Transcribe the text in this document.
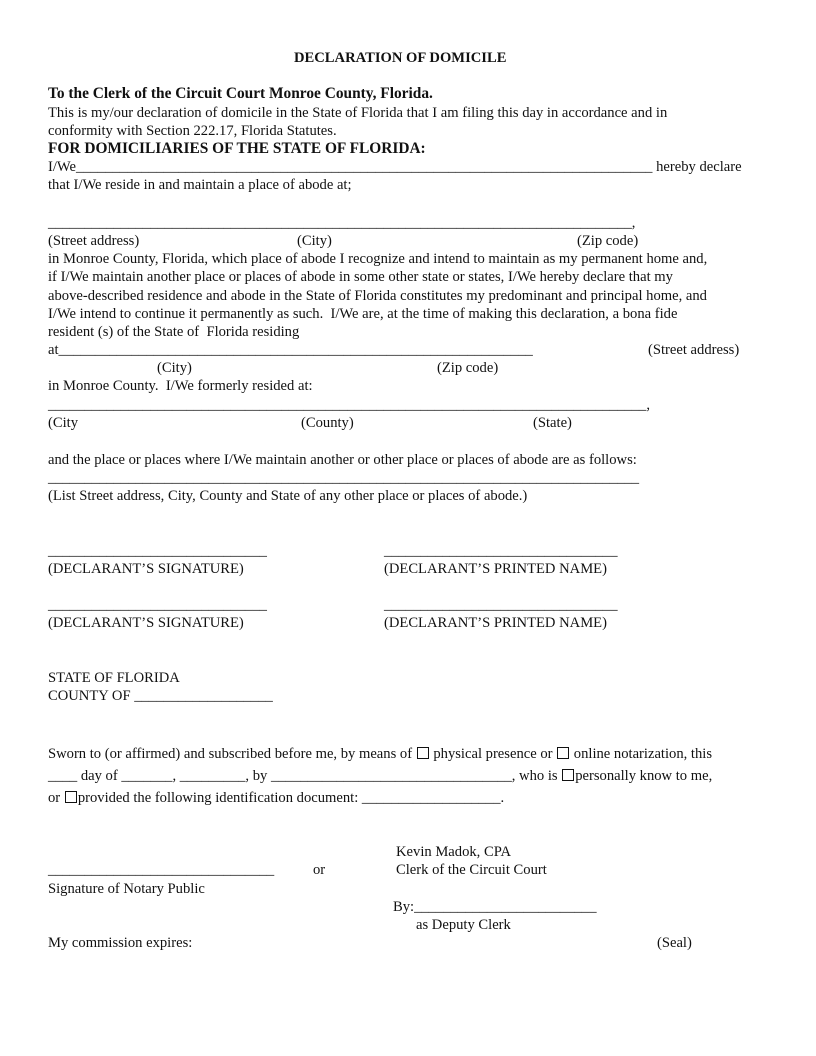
DECLARATION OF DOMICILE
To the Clerk of the Circuit Court Monroe County, Florida.
This is my/our declaration of domicile in the State of Florida that I am filing this day in accordance and in
conformity with Section 222.17, Florida Statutes.
FOR DOMICILIARIES OF THE STATE OF FLORIDA:
I/We_______________________________________________________________________________ hereby declare
that I/We reside in and maintain a place of abode at;
________________________________________________________________________________,
(Street address)	(City)	(Zip code)
in Monroe County, Florida, which place of abode I recognize and intend to maintain as my permanent home and,
if I/We maintain another place or places of abode in some other state or states, I/We hereby declare that my
above-described residence and abode in the State of Florida constitutes my predominant and principal home, and
I/We intend to continue it permanently as such.  I/We are, at the time of making this declaration, a bona fide
resident (s) of the State of  Florida residing
at_________________________________________________________________	(Street address)
(City)	(Zip code)
in Monroe County.  I/We formerly resided at:
__________________________________________________________________________________,
(City	(County)	(State)
and the place or places where I/We maintain another or other place or places of abode are as follows:
_________________________________________________________________________________
(List Street address, City, County and State of any other place or places of abode.)
______________________________	________________________________
(DECLARANT’S SIGNATURE)	(DECLARANT’S PRINTED NAME)
______________________________	________________________________
(DECLARANT’S SIGNATURE)	(DECLARANT’S PRINTED NAME)
STATE OF FLORIDA
COUNTY OF ___________________
Sworn to (or affirmed) and subscribed before me, by means of  physical presence or  online notarization, this
____ day of _______, _________, by _________________________________, who is personally know to me,
or provided the following identification document: ___________________.
Kevin Madok, CPA
_______________________________	or	Clerk of the Circuit Court
Signature of Notary Public
By:_________________________
as Deputy Clerk
My commission expires:	(Seal)
